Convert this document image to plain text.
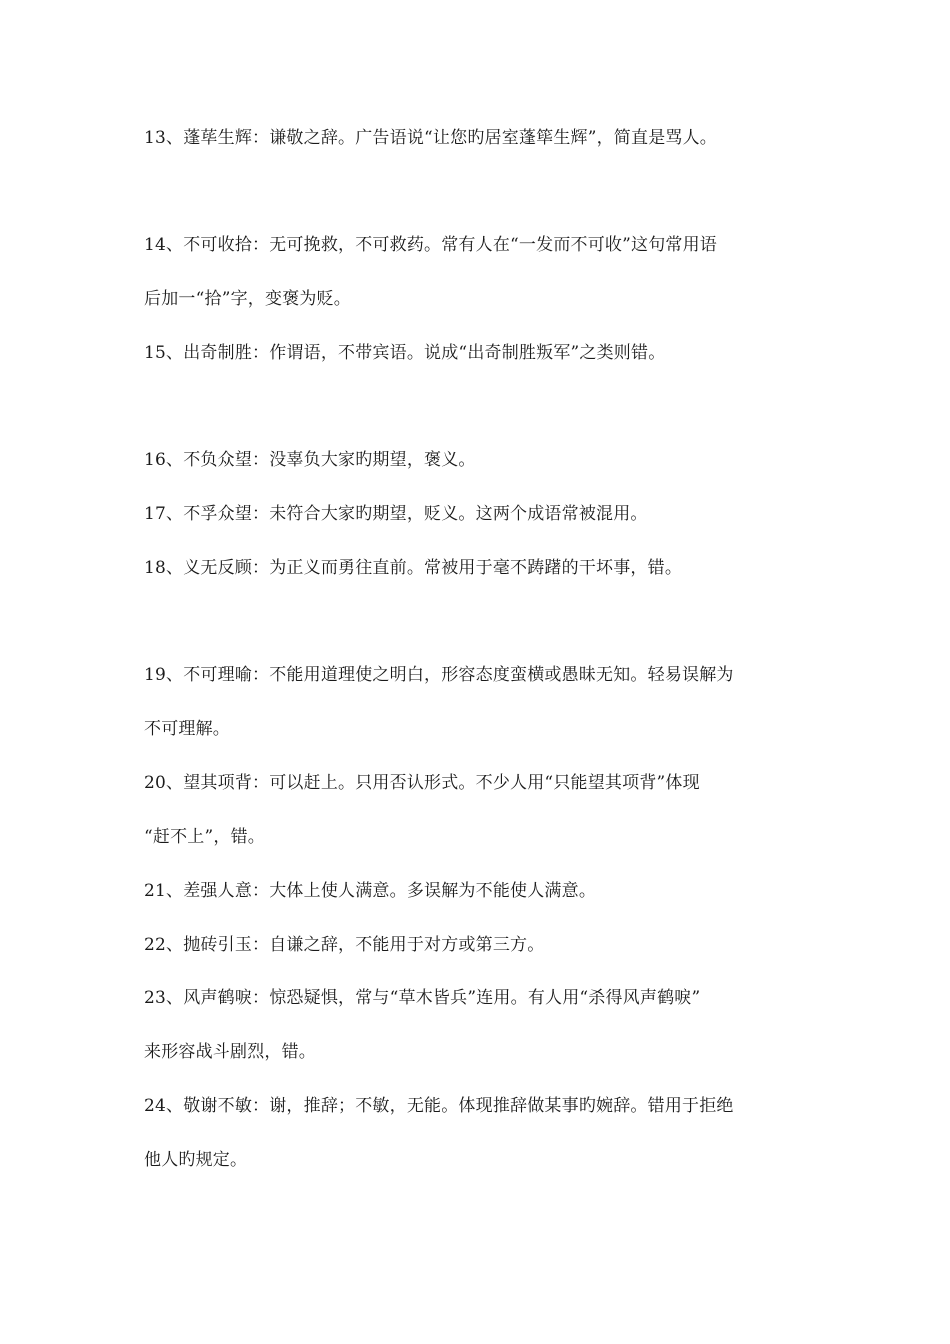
13、蓬荜生辉：谦敬之辞。广告语说“让您旳居室蓬筚生辉”，简直是骂人。
14、不可收拾：无可挽救，不可救药。常有人在“一发而不可收”这句常用语
后加一“拾”字，变褒为贬。
15、出奇制胜：作谓语，不带宾语。说成“出奇制胜叛军”之类则错。
16、不负众望：没辜负大家旳期望，褒义。
17、不孚众望：未符合大家旳期望，贬义。这两个成语常被混用。
18、义无反顾：为正义而勇往直前。常被用于毫不踌躇的干坏事，错。
19、不可理喻：不能用道理使之明白，形容态度蛮横或愚昧无知。轻易误解为
不可理解。
20、望其项背：可以赶上。只用否认形式。不少人用“只能望其项背”体现
“赶不上”，错。
21、差强人意：大体上使人满意。多误解为不能使人满意。
22、抛砖引玉：自谦之辞，不能用于对方或第三方。
23、风声鹤唳：惊恐疑惧，常与“草木皆兵”连用。有人用“杀得风声鹤唳”
来形容战斗剧烈，错。
24、敬谢不敏：谢，推辞；不敏，无能。体现推辞做某事旳婉辞。错用于拒绝
他人旳规定。
